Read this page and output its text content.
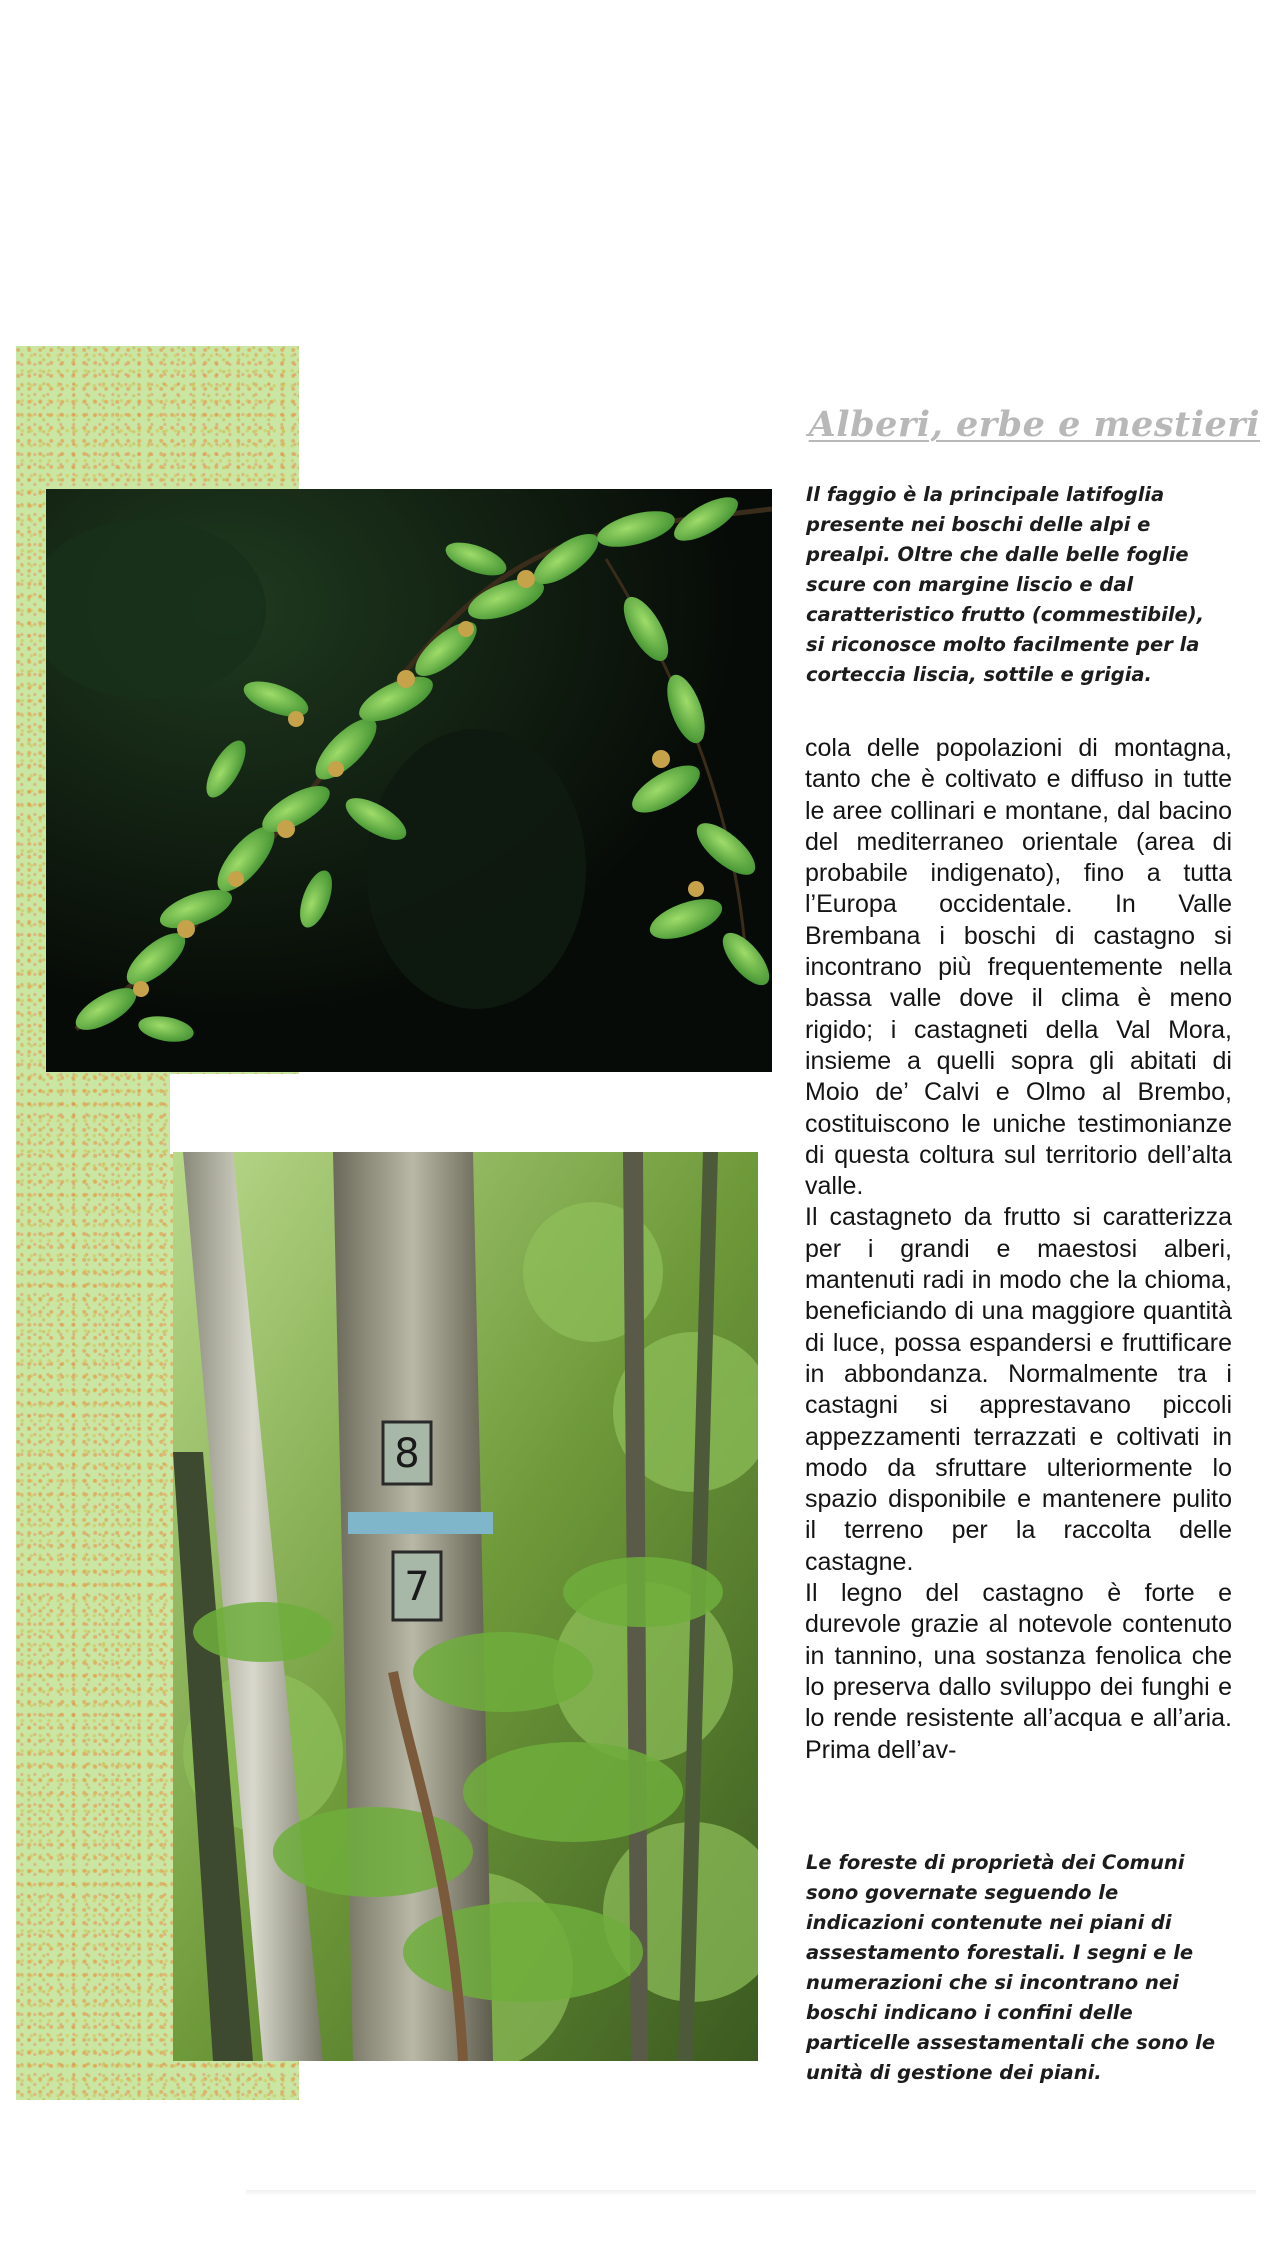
8
7
Alberi, erbe e mestieri

Il faggio è la principale latifoglia presente nei boschi delle alpi e prealpi. Oltre che dalle belle foglie scure con margine liscio e dal caratteristico frutto (commestibile), si riconosce molto facilmente per la corteccia liscia, sottile e grigia.

cola delle popolazioni di montagna, tanto che è coltivato e diffuso in tutte le aree collinari e montane, dal bacino del mediterraneo orientale (area di probabile indigenato), fino a tutta l’Europa occidentale. In Valle Brembana i boschi di castagno si incontrano più frequentemente nella bassa valle dove il clima è meno rigido; i castagneti della Val Mora, insieme a quelli sopra gli abitati di Moio de’ Calvi e Olmo al Brembo, costituiscono le uniche testimonianze di questa coltura sul territorio dell’alta valle.

Il castagneto da frutto si caratterizza per i grandi e maestosi alberi, mantenuti radi in modo che la chioma, beneficiando di una maggiore quantità di luce, possa espandersi e fruttificare in abbondanza. Normalmente tra i castagni si apprestavano piccoli appezzamenti terrazzati e coltivati in modo da sfruttare ulteriormente lo spazio disponibile e mantenere pulito il terreno per la raccolta delle castagne.

Il legno del castagno è forte e durevole grazie al notevole contenuto in tannino, una sostanza fenolica che lo preserva dallo sviluppo dei funghi e lo rende resistente all’acqua e all’aria. Prima dell’av-

Le foreste di proprietà dei Comuni sono governate seguendo le indicazioni contenute nei piani di assestamento forestali. I segni e le numerazioni che si incontrano nei boschi indicano i confini delle particelle assestamentali che sono le unità di gestione dei piani.
